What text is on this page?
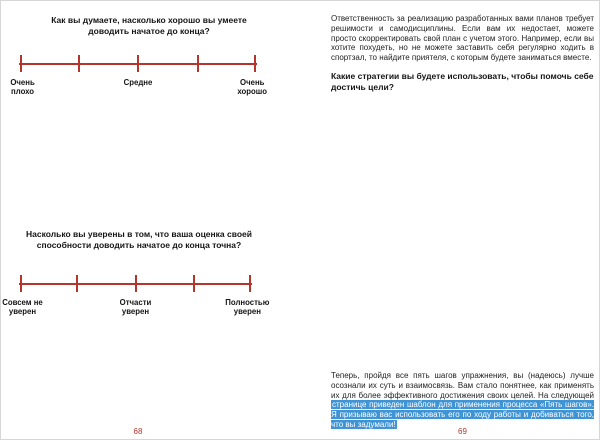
Как вы думаете, насколько хорошо вы умеете доводить начатое до конца?
Очень плохо
Средне	Очень хорошо
Насколько вы уверены в том, что ваша оценка своей способности доводить начатое до конца точна?
Совсем не уверен
Отчасти уверен
Полностью уверен
68

Ответственность за реализацию разработанных вами планов требует решимости и самодисциплины. Если вам их недостает, можете просто скорректировать свой план с учетом этого. Например, если вы хотите похудеть, но не можете заставить себя регулярно ходить в спортзал, то найдите приятеля, с которым будете заниматься вместе.

Какие стратегии вы будете использовать, чтобы помочь себе достичь цели?

Теперь, пройдя все пять шагов упражнения, вы (надеюсь) лучше осознали их суть и взаимосвязь. Вам стало понятнее, как применять их для более эффективного достижения своих целей. На следующей странице приведен шаблон для применения процесса «Пять шагов». Я призываю вас использовать его по ходу работы и добиваться того, что вы задумали!

69
